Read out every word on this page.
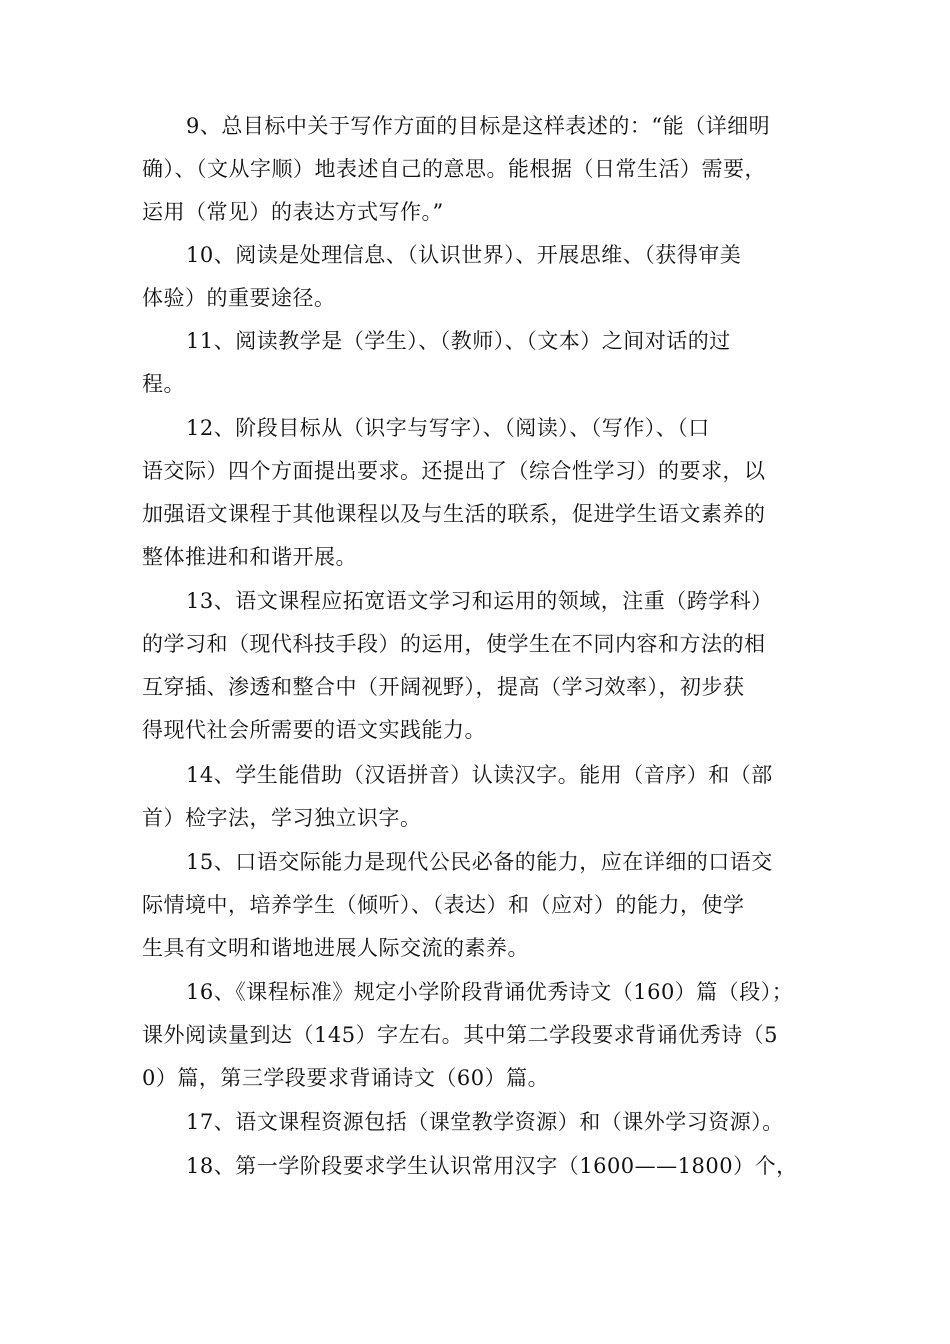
9、总目标中关于写作方面的目标是这样表述的：“能（详细明
确）、（文从字顺）地表述自己的意思。能根据（日常生活）需要，
运用（常见）的表达方式写作。”
10、阅读是处理信息、（认识世界）、开展思维、（获得审美
体验）的重要途径。
11、阅读教学是（学生）、（教师）、（文本）之间对话的过
程。
12、阶段目标从（识字与写字）、（阅读）、（写作）、（口
语交际）四个方面提出要求。还提出了（综合性学习）的要求，以
加强语文课程于其他课程以及与生活的联系，促进学生语文素养的
整体推进和和谐开展。
13、语文课程应拓宽语文学习和运用的领域，注重（跨学科）
的学习和（现代科技手段）的运用，使学生在不同内容和方法的相
互穿插、渗透和整合中（开阔视野），提高（学习效率），初步获
得现代社会所需要的语文实践能力。
14、学生能借助（汉语拼音）认读汉字。能用（音序）和（部
首）检字法，学习独立识字。
15、口语交际能力是现代公民必备的能力，应在详细的口语交
际情境中，培养学生（倾听）、（表达）和（应对）的能力，使学
生具有文明和谐地进展人际交流的素养。
16、《课程标准》规定小学阶段背诵优秀诗文（160）篇（段）；
课外阅读量到达（145）字左右。其中第二学段要求背诵优秀诗（5
0）篇，第三学段要求背诵诗文（60）篇。
17、语文课程资源包括（课堂教学资源）和（课外学习资源）。
18、第一学阶段要求学生认识常用汉字（1600——1800）个，
